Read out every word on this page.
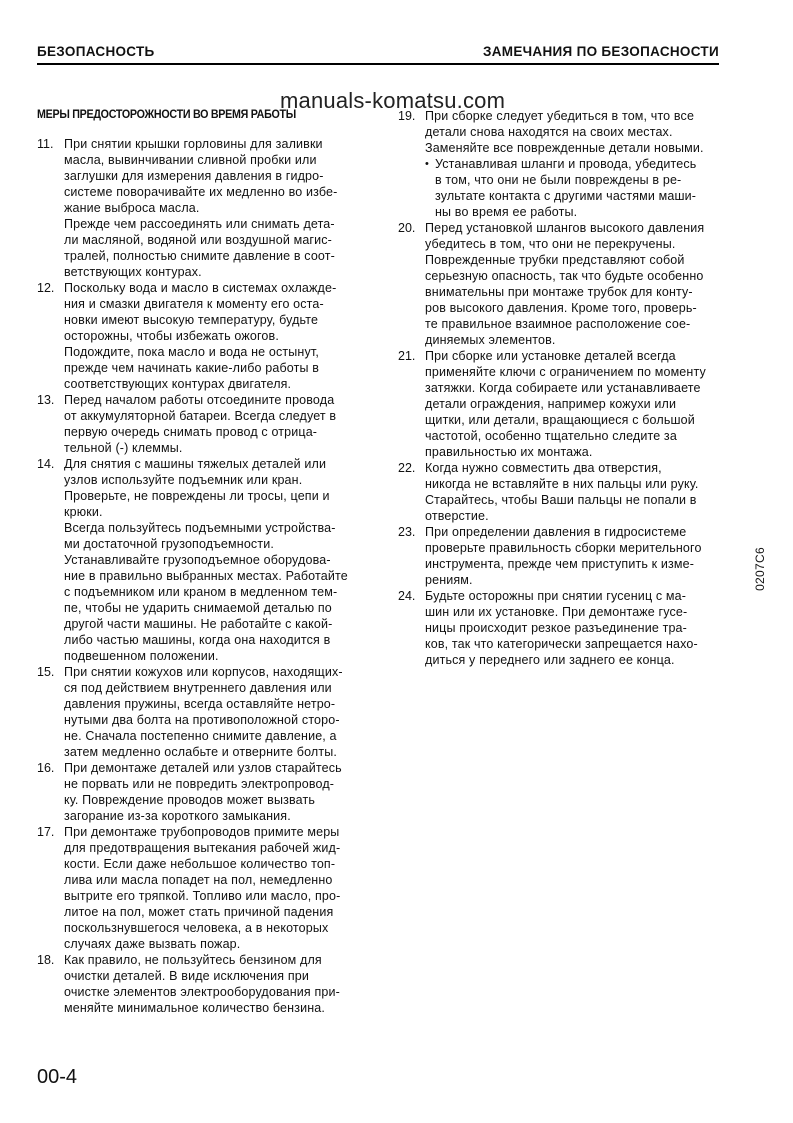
БЕЗОПАСНОСТЬ	ЗАМЕЧАНИЯ ПО БЕЗОПАСНОСТИ
manuals-komatsu.com
МЕРЫ ПРЕДОСТОРОЖНОСТИ ВО ВРЕМЯ РАБОТЫ
11. При снятии крышки горловины для заливки
масла, вывинчивании сливной пробки или
заглушки для измерения давления в гидро-
системе поворачивайте их медленно во избе-
жание выброса масла.
Прежде чем рассоединять или снимать дета-
ли масляной, водяной или воздушной магис-
тралей, полностью снимите давление в соот-
ветствующих контурах.
12. Поскольку вода и масло в системах охлажде-
ния и смазки двигателя к моменту его оста-
новки имеют высокую температуру, будьте
осторожны, чтобы избежать ожогов.
Подождите, пока масло и вода не остынут,
прежде чем начинать какие-либо работы в
соответствующих контурах двигателя.
13. Перед началом работы отсоедините провода
от аккумуляторной батареи. Всегда следует в
первую очередь снимать провод с отрица-
тельной (-) клеммы.
14. Для снятия с машины тяжелых деталей или
узлов используйте подъемник или кран.
Проверьте, не повреждены ли тросы, цепи и
крюки.
Всегда пользуйтесь подъемными устройства-
ми достаточной грузоподъемности.
Устанавливайте грузоподъемное оборудова-
ние в правильно выбранных местах. Работайте
с подъемником или краном в медленном тем-
пе, чтобы не ударить снимаемой деталью по
другой части машины. Не работайте с какой-
либо частью машины, когда она находится в
подвешенном положении.
15. При снятии кожухов или корпусов, находящих-
ся под действием внутреннего давления или
давления пружины, всегда оставляйте нетро-
нутыми два болта на противоположной сторо-
не. Сначала постепенно снимите давление, а
затем медленно ослабьте и отверните болты.
16. При демонтаже деталей или узлов старайтесь
не порвать или не повредить электропровод-
ку. Повреждение проводов может вызвать
загорание из-за короткого замыкания.
17. При демонтаже трубопроводов примите меры
для предотвращения вытекания рабочей жид-
кости. Если даже небольшое количество топ-
лива или масла попадет на пол, немедленно
вытрите его тряпкой. Топливо или масло, про-
литое на пол, может стать причиной падения
поскользнувшегося человека, а в некоторых
случаях даже вызвать пожар.
18. Как правило, не пользуйтесь бензином для
очистки деталей. В виде исключения при
очистке элементов электрооборудования при-
меняйте минимальное количество бензина.
19. При сборке следует убедиться в том, что все
детали снова находятся на своих местах.
Заменяйте все поврежденные детали новыми.
• Устанавливая шланги и провода, убедитесь
в том, что они не были повреждены в ре-
зультате контакта с другими частями маши-
ны во время ее работы.
20. Перед установкой шлангов высокого давления
убедитесь в том, что они не перекручены.
Поврежденные трубки представляют собой
серьезную опасность, так что будьте особенно
внимательны при монтаже трубок для конту-
ров высокого давления. Кроме того, проверь-
те правильное взаимное расположение сое-
диняемых элементов.
21. При сборке или установке деталей всегда
применяйте ключи с ограничением по моменту
затяжки. Когда собираете или устанавливаете
детали ограждения, например кожухи или
щитки, или детали, вращающиеся с большой
частотой, особенно тщательно следите за
правильностью их монтажа.
22. Когда нужно совместить два отверстия,
никогда не вставляйте в них пальцы или руку.
Старайтесь, чтобы Ваши пальцы не попали в
отверстие.
23. При определении давления в гидросистеме
проверьте правильность сборки мерительного
инструмента, прежде чем приступить к изме-
рениям.
24. Будьте осторожны при снятии гусениц с ма-
шин или их установке. При демонтаже гусе-
ницы происходит резкое разъединение тра-
ков, так что категорически запрещается нахо-
диться у переднего или заднего ее конца.
00-4
0207C6
